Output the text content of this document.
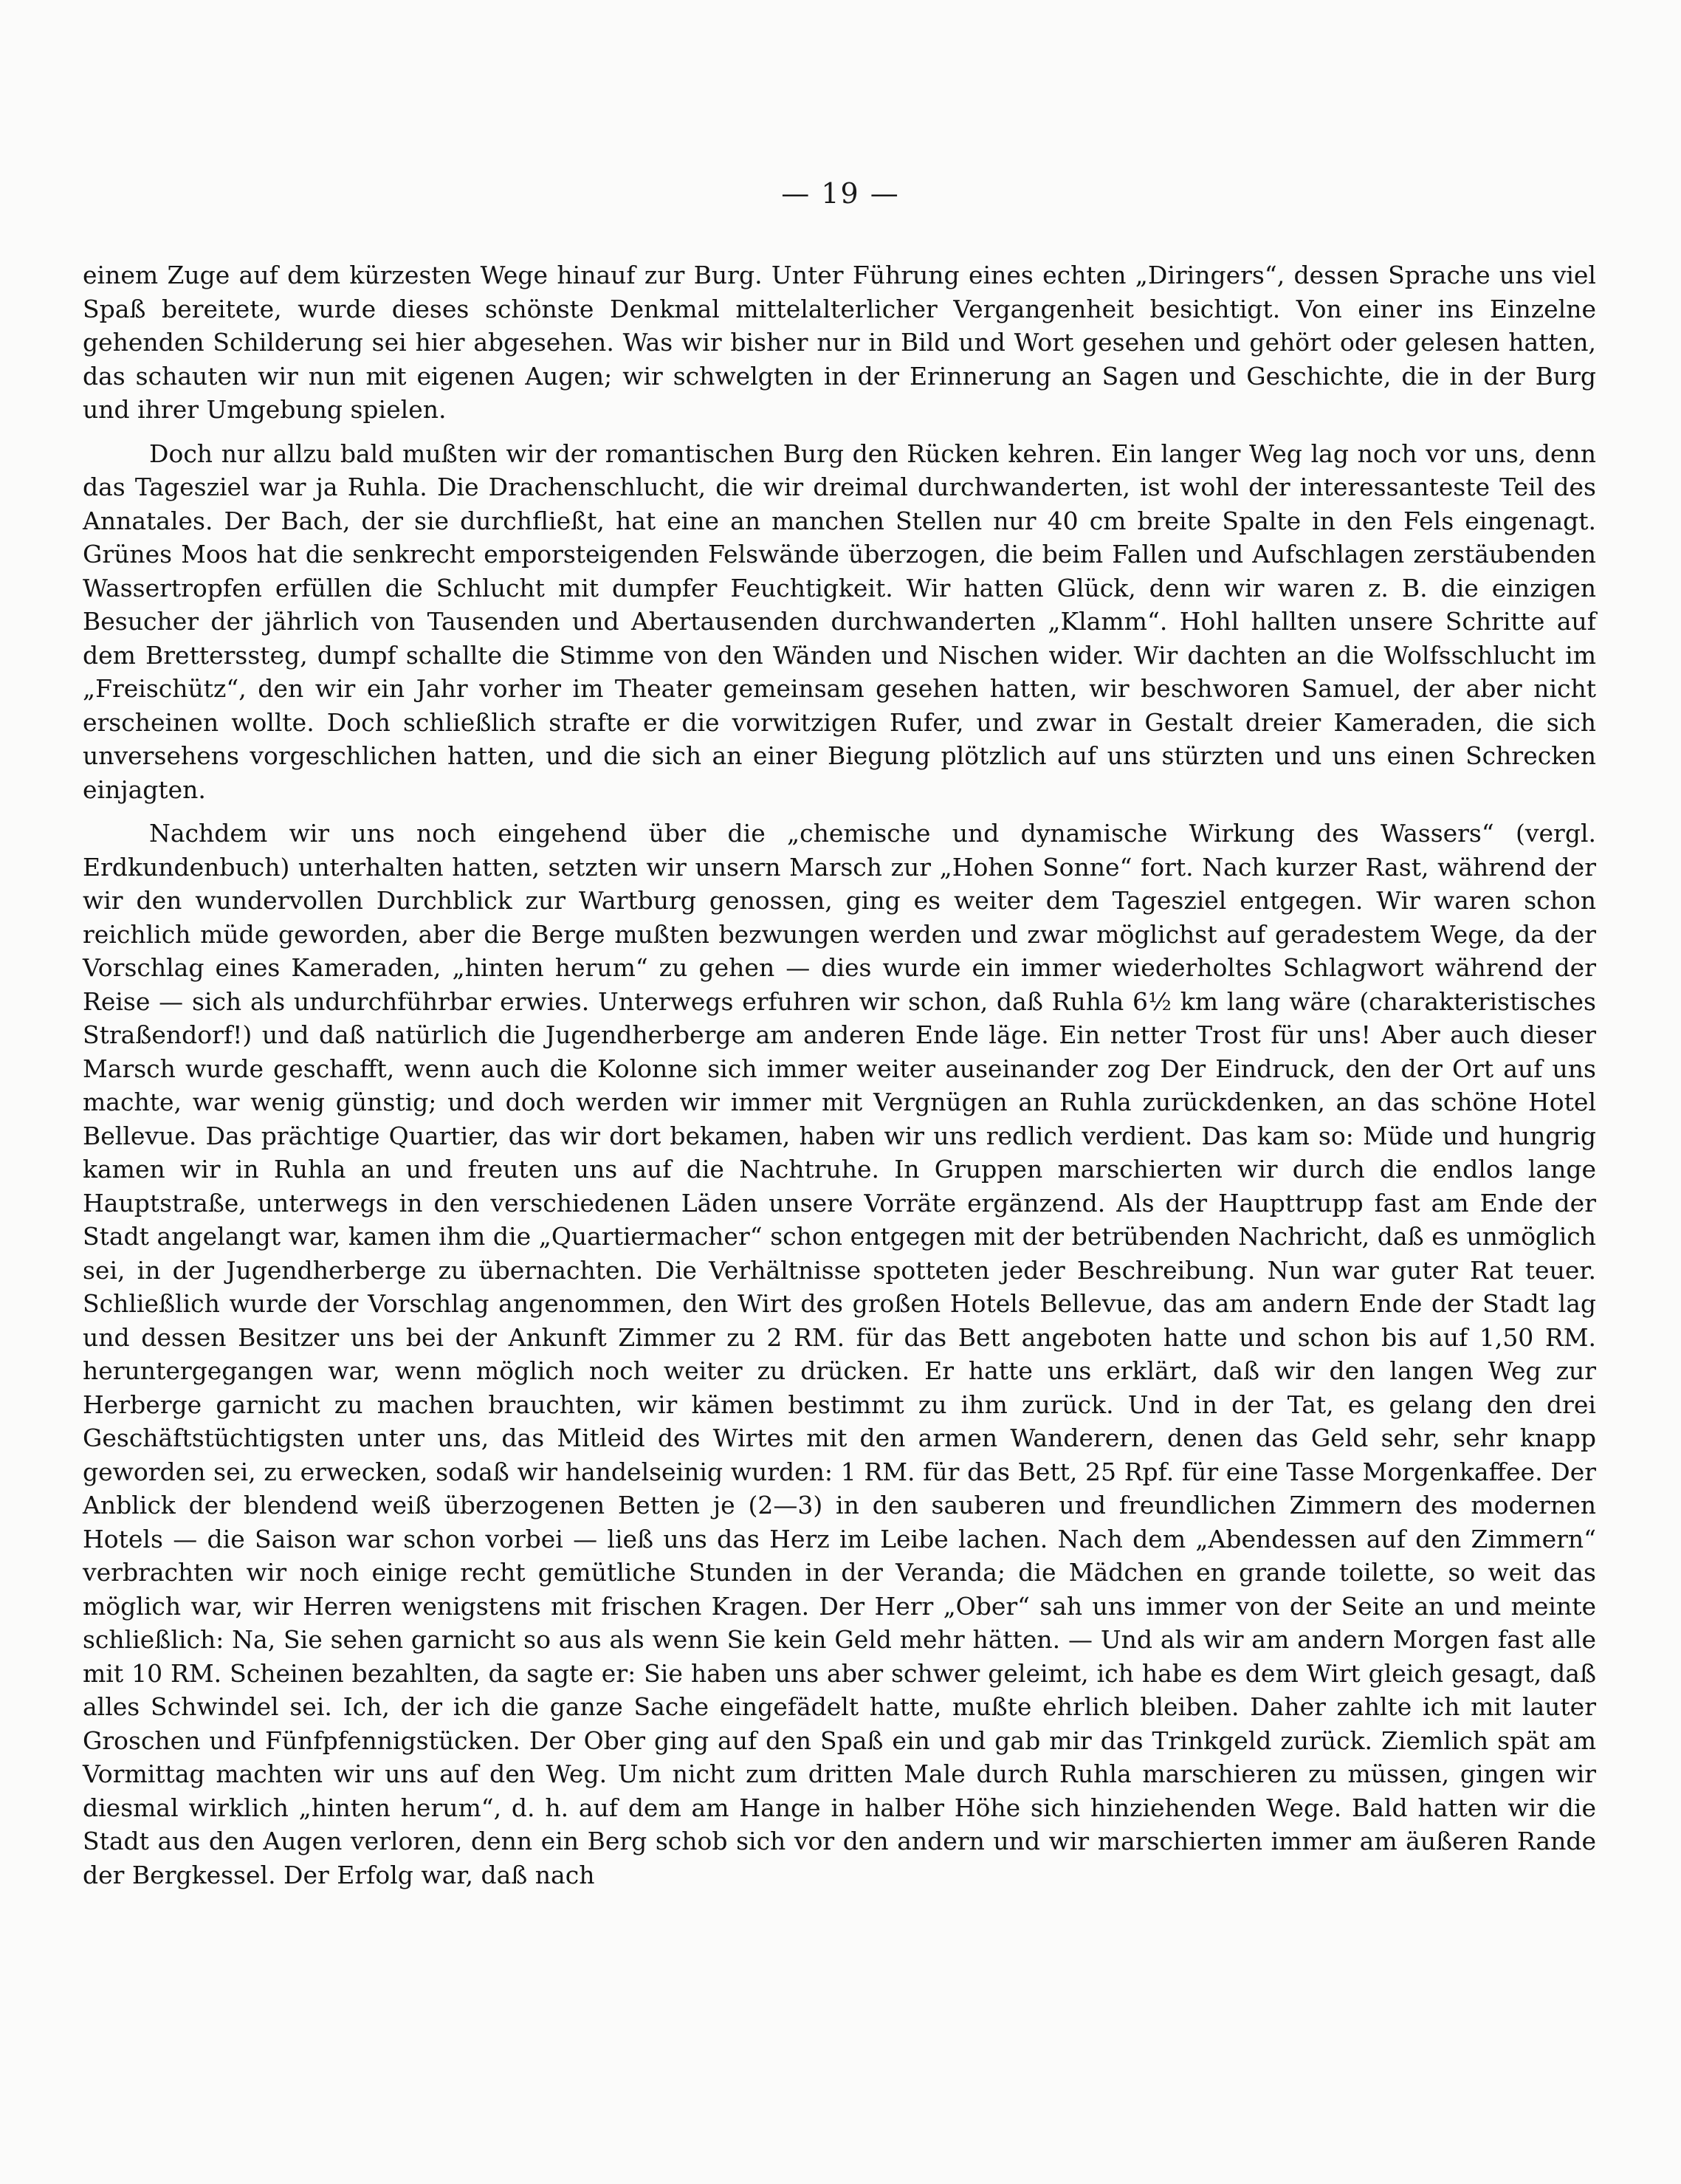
— 19 —

einem Zuge auf dem kürzesten Wege hinauf zur Burg. Unter Führung eines echten „Diringers“, dessen Sprache uns viel Spaß bereitete, wurde dieses schönste Denkmal mittelalterlicher Vergangenheit besichtigt. Von einer ins Einzelne gehenden Schilderung sei hier abgesehen. Was wir bisher nur in Bild und Wort gesehen und gehört oder gelesen hatten, das schauten wir nun mit eigenen Augen; wir schwelgten in der Erinnerung an Sagen und Geschichte, die in der Burg und ihrer Umgebung spielen.

Doch nur allzu bald mußten wir der romantischen Burg den Rücken kehren. Ein langer Weg lag noch vor uns, denn das Tagesziel war ja Ruhla. Die Drachenschlucht, die wir dreimal durchwanderten, ist wohl der interessanteste Teil des Annatales. Der Bach, der sie durchfließt, hat eine an manchen Stellen nur 40 cm breite Spalte in den Fels eingenagt. Grünes Moos hat die senkrecht emporsteigenden Felswände überzogen, die beim Fallen und Aufschlagen zerstäubenden Wassertropfen erfüllen die Schlucht mit dumpfer Feuchtigkeit. Wir hatten Glück, denn wir waren z. B. die einzigen Besucher der jährlich von Tausenden und Abertausenden durchwanderten „Klamm“. Hohl hallten unsere Schritte auf dem Bretterssteg, dumpf schallte die Stimme von den Wänden und Nischen wider. Wir dachten an die Wolfsschlucht im „Freischütz“, den wir ein Jahr vorher im Theater gemeinsam gesehen hatten, wir beschworen Samuel, der aber nicht erscheinen wollte. Doch schließlich strafte er die vorwitzigen Rufer, und zwar in Gestalt dreier Kameraden, die sich unversehens vorgeschlichen hatten, und die sich an einer Biegung plötzlich auf uns stürzten und uns einen Schrecken einjagten.

Nachdem wir uns noch eingehend über die „chemische und dynamische Wirkung des Wassers“ (vergl. Erdkundenbuch) unterhalten hatten, setzten wir unsern Marsch zur „Hohen Sonne“ fort. Nach kurzer Rast, während der wir den wundervollen Durchblick zur Wartburg genossen, ging es weiter dem Tagesziel entgegen. Wir waren schon reichlich müde geworden, aber die Berge mußten bezwungen werden und zwar möglichst auf geradestem Wege, da der Vorschlag eines Kameraden, „hinten herum“ zu gehen — dies wurde ein immer wiederholtes Schlagwort während der Reise — sich als undurchführbar erwies. Unterwegs erfuhren wir schon, daß Ruhla 6½ km lang wäre (charakteristisches Straßendorf!) und daß natürlich die Jugendherberge am anderen Ende läge. Ein netter Trost für uns! Aber auch dieser Marsch wurde geschafft, wenn auch die Kolonne sich immer weiter auseinander zog Der Eindruck, den der Ort auf uns machte, war wenig günstig; und doch werden wir immer mit Vergnügen an Ruhla zurückdenken, an das schöne Hotel Bellevue. Das prächtige Quartier, das wir dort bekamen, haben wir uns redlich verdient. Das kam so: Müde und hungrig kamen wir in Ruhla an und freuten uns auf die Nachtruhe. In Gruppen marschierten wir durch die endlos lange Hauptstraße, unterwegs in den verschiedenen Läden unsere Vorräte ergänzend. Als der Haupttrupp fast am Ende der Stadt angelangt war, kamen ihm die „Quartiermacher“ schon entgegen mit der betrübenden Nachricht, daß es unmöglich sei, in der Jugendherberge zu übernachten. Die Verhältnisse spotteten jeder Beschreibung. Nun war guter Rat teuer. Schließlich wurde der Vorschlag angenommen, den Wirt des großen Hotels Bellevue, das am andern Ende der Stadt lag und dessen Besitzer uns bei der Ankunft Zimmer zu 2 RM. für das Bett angeboten hatte und schon bis auf 1,50 RM. heruntergegangen war, wenn möglich noch weiter zu drücken. Er hatte uns erklärt, daß wir den langen Weg zur Herberge garnicht zu machen brauchten, wir kämen bestimmt zu ihm zurück. Und in der Tat, es gelang den drei Geschäftstüchtigsten unter uns, das Mitleid des Wirtes mit den armen Wanderern, denen das Geld sehr, sehr knapp geworden sei, zu erwecken, sodaß wir handelseinig wurden: 1 RM. für das Bett, 25 Rpf. für eine Tasse Morgenkaffee. Der Anblick der blendend weiß überzogenen Betten je (2—3) in den sauberen und freundlichen Zimmern des modernen Hotels — die Saison war schon vorbei — ließ uns das Herz im Leibe lachen. Nach dem „Abendessen auf den Zimmern“ verbrachten wir noch einige recht gemütliche Stunden in der Veranda; die Mädchen en grande toilette, so weit das möglich war, wir Herren wenigstens mit frischen Kragen. Der Herr „Ober“ sah uns immer von der Seite an und meinte schließlich: Na, Sie sehen garnicht so aus als wenn Sie kein Geld mehr hätten. — Und als wir am andern Morgen fast alle mit 10 RM. Scheinen bezahlten, da sagte er: Sie haben uns aber schwer geleimt, ich habe es dem Wirt gleich gesagt, daß alles Schwindel sei. Ich, der ich die ganze Sache eingefädelt hatte, mußte ehrlich bleiben. Daher zahlte ich mit lauter Groschen und Fünfpfennigstücken. Der Ober ging auf den Spaß ein und gab mir das Trinkgeld zurück. Ziemlich spät am Vormittag machten wir uns auf den Weg. Um nicht zum dritten Male durch Ruhla marschieren zu müssen, gingen wir diesmal wirklich „hinten herum“, d. h. auf dem am Hange in halber Höhe sich hinziehenden Wege. Bald hatten wir die Stadt aus den Augen verloren, denn ein Berg schob sich vor den andern und wir marschierten immer am äußeren Rande der Bergkessel. Der Erfolg war, daß nach
